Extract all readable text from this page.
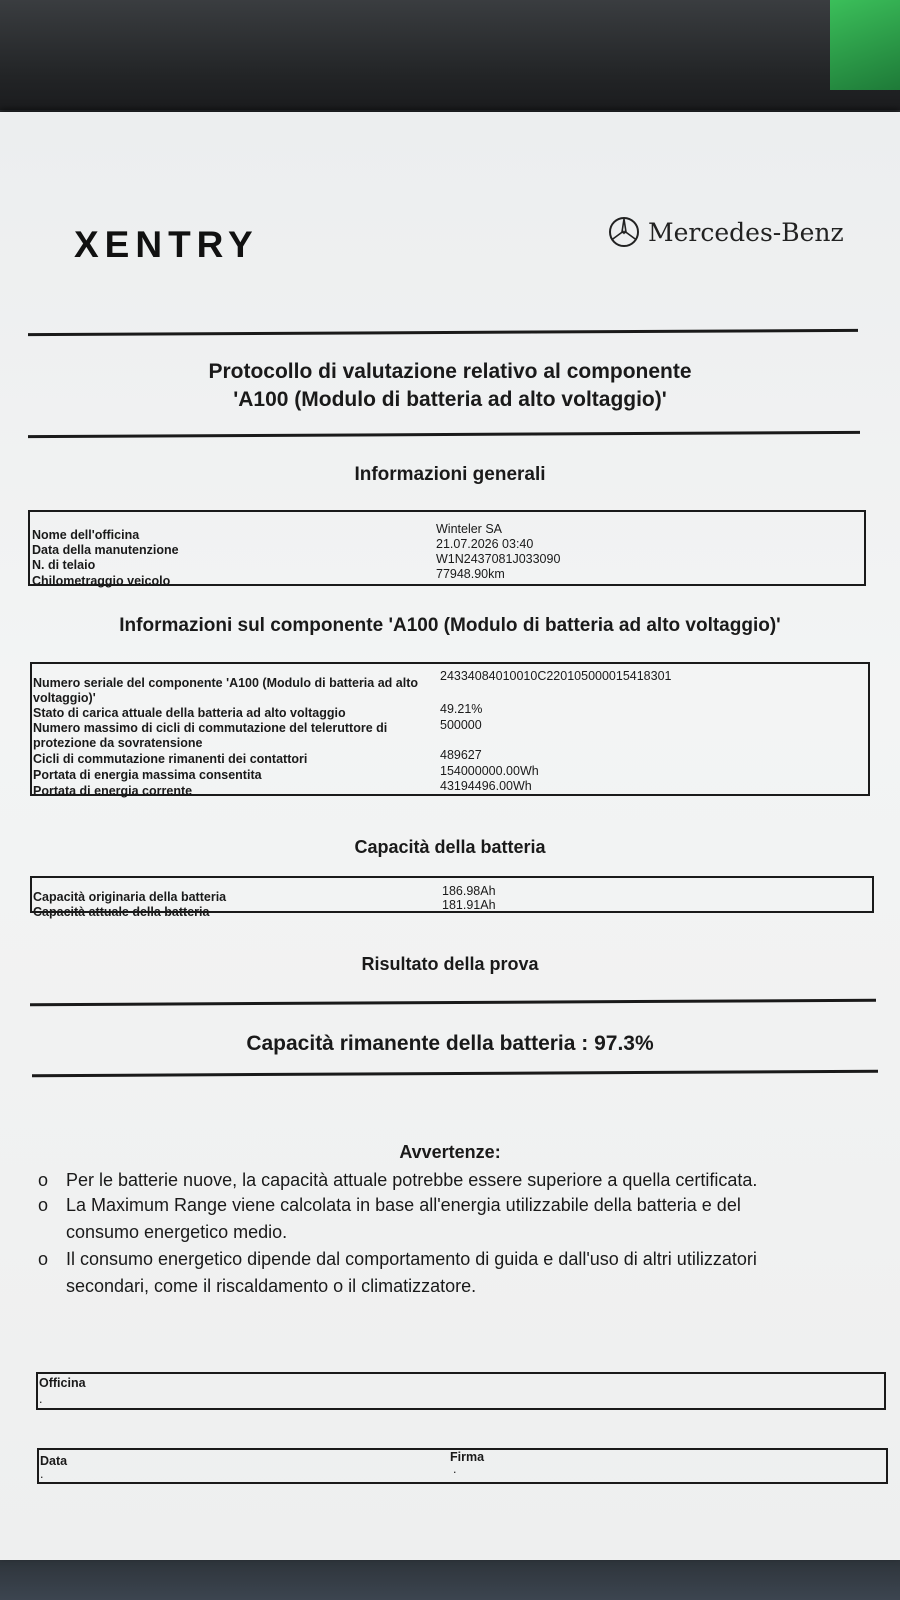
XENTRY	Mercedes-Benz
Protocollo di valutazione relativo al componente
'A100 (Modulo di batteria ad alto voltaggio)'
Informazioni generali
Nome dell'officina
Data della manutenzione
N. di telaio
Chilometraggio veicolo
Winteler SA
21.07.2026 03:40
W1N2437081J033090
77948.90km
Informazioni sul componente 'A100 (Modulo di batteria ad alto voltaggio)'
Numero seriale del componente 'A100 (Modulo di batteria ad alto
voltaggio)'
Stato di carica attuale della batteria ad alto voltaggio
Numero massimo di cicli di commutazione del teleruttore di
protezione da sovratensione
Cicli di commutazione rimanenti dei contattori
Portata di energia massima consentita
Portata di energia corrente
24334084010010C220105000015418301
49.21%
500000
489627
154000000.00Wh
43194496.00Wh
Capacità della batteria
Capacità originaria della batteria
Capacità attuale della batteria
186.98Ah
181.91Ah
Risultato della prova
Capacità rimanente della batteria : 97.3%
Avvertenze:
o Per le batterie nuove, la capacità attuale potrebbe essere superiore a quella certificata.
o La Maximum Range viene calcolata in base all'energia utilizzabile della batteria e del
consumo energetico medio.
o Il consumo energetico dipende dal comportamento di guida e dall'uso di altri utilizzatori
secondari, come il riscaldamento o il climatizzatore.
Officina
.
Data
.
Firma
.
